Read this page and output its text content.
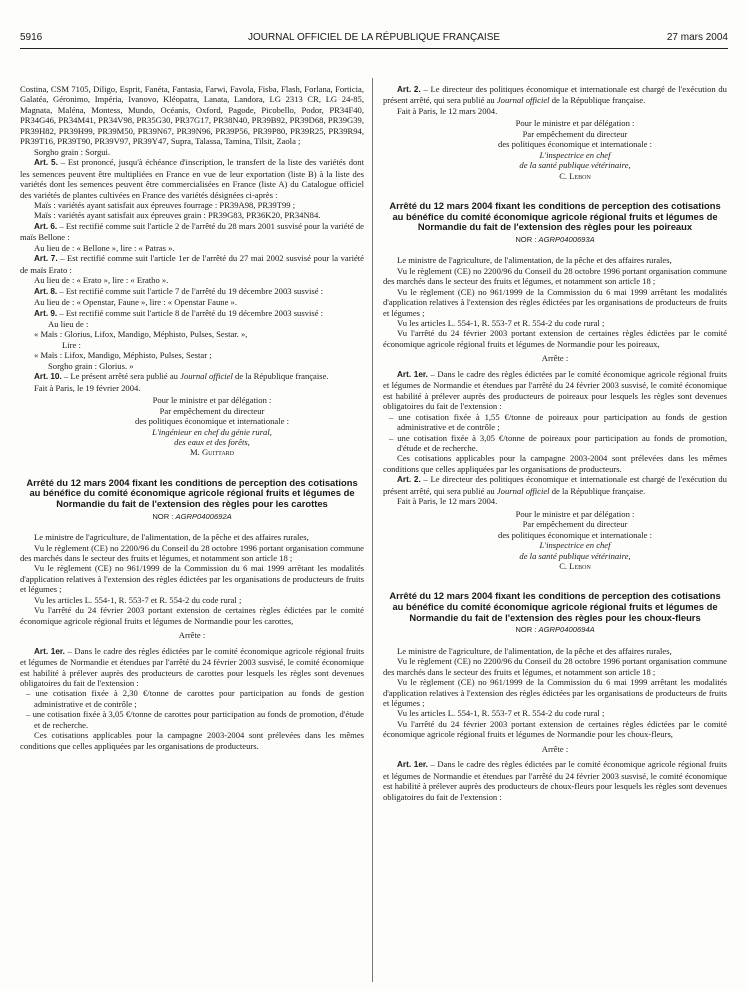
5916	JOURNAL OFFICIEL DE LA RÉPUBLIQUE FRANÇAISE	27 mars 2004

Costina, CSM 7105, Diligo, Esprit, Fanéta, Fantasia, Farwi, Favola, Fisba, Flash, Forlana, Forticia, Galatéa, Géronimo, Impéria, Ivanovo, Kléopatra, Lanata, Landora, LG 2313 CR, LG 24-85, Magnata, Maléna, Montess, Mundo, Océanis, Oxford, Pagode, Picobello, Podor, PR34F40, PR34G46, PR34M41, PR34V98, PR35G30, PR37G17, PR38N40, PR39B92, PR39D68, PR39G39, PR39H82, PR39H99, PR39M50, PR39N67, PR39N96, PR39P56, PR39P80, PR39R25, PR39R94, PR39T16, PR39T90, PR39V97, PR39Y47, Supra, Talassa, Tamina, Tilsit, Zaola ;

Sorgho grain : Sorgui.

Art. 5. – Est prononcé, jusqu'à échéance d'inscription, le transfert de la liste des variétés dont les semences peuvent être multipliées en France en vue de leur exportation (liste B) à la liste des variétés dont les semences peuvent être commercialisées en France (liste A) du Catalogue officiel des variétés de plantes cultivées en France des variétés désignées ci-après :

Maïs : variétés ayant satisfait aux épreuves fourrage : PR39A98, PR39T99 ;

Maïs : variétés ayant satisfait aux épreuves grain : PR39G83, PR36K20, PR34N84.

Art. 6. – Est rectifié comme suit l'article 2 de l'arrêté du 28 mars 2001 susvisé pour la variété de maïs Bellone :

Au lieu de : « Bellone », lire : « Patras ».

Art. 7. – Est rectifié comme suit l'article 1er de l'arrêté du 27 mai 2002 susvisé pour la variété de maïs Erato :

Au lieu de : « Erato », lire : « Eratho ».

Art. 8. – Est rectifié comme suit l'article 7 de l'arrêté du 19 décembre 2003 susvisé :

Au lieu de : « Openstar, Faune », lire : « Openstar Faune ».

Art. 9. – Est rectifié comme suit l'article 8 de l'arrêté du 19 décembre 2003 susvisé :

Au lieu de :

« Maïs : Glorius, Lifox, Mandigo, Méphisto, Pulses, Sestar. »,

Lire :

« Maïs : Lifox, Mandigo, Méphisto, Pulses, Sestar ;

Sorgho grain : Glorius. »

Art. 10. – Le présent arrêté sera publié au Journal officiel de la République française.

Fait à Paris, le 19 février 2004.

Pour le ministre et par délégation :
Par empêchement du directeur
des politiques économique et internationale :
L'ingénieur en chef du génie rural,
des eaux et des forêts,
M. Guittard
Arrêté du 12 mars 2004 fixant les conditions de perception des cotisations au bénéfice du comité économique agricole régional fruits et légumes de Normandie du fait de l'extension des règles pour les carottes
NOR : AGRP0400692A

Le ministre de l'agriculture, de l'alimentation, de la pêche et des affaires rurales,

Vu le règlement (CE) no 2200/96 du Conseil du 28 octobre 1996 portant organisation commune des marchés dans le secteur des fruits et légumes, et notamment son article 18 ;

Vu le règlement (CE) no 961/1999 de la Commission du 6 mai 1999 arrêtant les modalités d'application relatives à l'extension des règles édictées par les organisations de producteurs de fruits et légumes ;

Vu les articles L. 554-1, R. 553-7 et R. 554-2 du code rural ;

Vu l'arrêté du 24 février 2003 portant extension de certaines règles édictées par le comité économique agricole régional fruits et légumes de Normandie pour les carottes,

Arrête :

Art. 1er. – Dans le cadre des règles édictées par le comité économique agricole régional fruits et légumes de Normandie et étendues par l'arrêté du 24 février 2003 susvisé, le comité économique est habilité à prélever auprès des producteurs de carottes pour lesquels les règles sont devenues obligatoires du fait de l'extension :

– une cotisation fixée à 2,30 €/tonne de carottes pour participation au fonds de gestion administrative et de contrôle ;

– une cotisation fixée à 3,05 €/tonne de carottes pour participation au fonds de promotion, d'étude et de recherche.

Ces cotisations applicables pour la campagne 2003-2004 sont prélevées dans les mêmes conditions que celles appliquées par les organisations de producteurs.

Art. 2. – Le directeur des politiques économique et internationale est chargé de l'exécution du présent arrêté, qui sera publié au Journal officiel de la République française.

Fait à Paris, le 12 mars 2004.

Pour le ministre et par délégation :
Par empêchement du directeur
des politiques économique et internationale :
L'inspectrice en chef
de la santé publique vétérinaire,
C. Lebon
Arrêté du 12 mars 2004 fixant les conditions de perception des cotisations au bénéfice du comité économique agricole régional fruits et légumes de Normandie du fait de l'extension des règles pour les poireaux
NOR : AGRP0400693A

Le ministre de l'agriculture, de l'alimentation, de la pêche et des affaires rurales,

Vu le règlement (CE) no 2200/96 du Conseil du 28 octobre 1996 portant organisation commune des marchés dans le secteur des fruits et légumes, et notamment son article 18 ;

Vu le règlement (CE) no 961/1999 de la Commission du 6 mai 1999 arrêtant les modalités d'application relatives à l'extension des règles édictées par les organisations de producteurs de fruits et légumes ;

Vu les articles L. 554-1, R. 553-7 et R. 554-2 du code rural ;

Vu l'arrêté du 24 février 2003 portant extension de certaines règles édictées par le comité économique agricole régional fruits et légumes de Normandie pour les poireaux,

Arrête :

Art. 1er. – Dans le cadre des règles édictées par le comité économique agricole régional fruits et légumes de Normandie et étendues par l'arrêté du 24 février 2003 susvisé, le comité économique est habilité à prélever auprès des producteurs de poireaux pour lesquels les règles sont devenues obligatoires du fait de l'extension :

– une cotisation fixée à 1,55 €/tonne de poireaux pour participation au fonds de gestion administrative et de contrôle ;

– une cotisation fixée à 3,05 €/tonne de poireaux pour participation au fonds de promotion, d'étude et de recherche.

Ces cotisations applicables pour la campagne 2003-2004 sont prélevées dans les mêmes conditions que celles appliquées par les organisations de producteurs.

Art. 2. – Le directeur des politiques économique et internationale est chargé de l'exécution du présent arrêté, qui sera publié au Journal officiel de la République française.

Fait à Paris, le 12 mars 2004.

Pour le ministre et par délégation :
Par empêchement du directeur
des politiques économique et internationale :
L'inspectrice en chef
de la santé publique vétérinaire,
C. Lebon
Arrêté du 12 mars 2004 fixant les conditions de perception des cotisations au bénéfice du comité économique agricole régional fruits et légumes de Normandie du fait de l'extension des règles pour les choux-fleurs
NOR : AGRP0400694A

Le ministre de l'agriculture, de l'alimentation, de la pêche et des affaires rurales,

Vu le règlement (CE) no 2200/96 du Conseil du 28 octobre 1996 portant organisation commune des marchés dans le secteur des fruits et légumes, et notamment son article 18 ;

Vu le règlement (CE) no 961/1999 de la Commission du 6 mai 1999 arrêtant les modalités d'application relatives à l'extension des règles édictées par les organisations de producteurs de fruits et légumes ;

Vu les articles L. 554-1, R. 553-7 et R. 554-2 du code rural ;

Vu l'arrêté du 24 février 2003 portant extension de certaines règles édictées par le comité économique agricole régional fruits et légumes de Normandie pour les choux-fleurs,

Arrête :

Art. 1er. – Dans le cadre des règles édictées par le comité économique agricole régional fruits et légumes de Normandie et étendues par l'arrêté du 24 février 2003 susvisé, le comité économique est habilité à prélever auprès des producteurs de choux-fleurs pour lesquels les règles sont devenues obligatoires du fait de l'extension :
